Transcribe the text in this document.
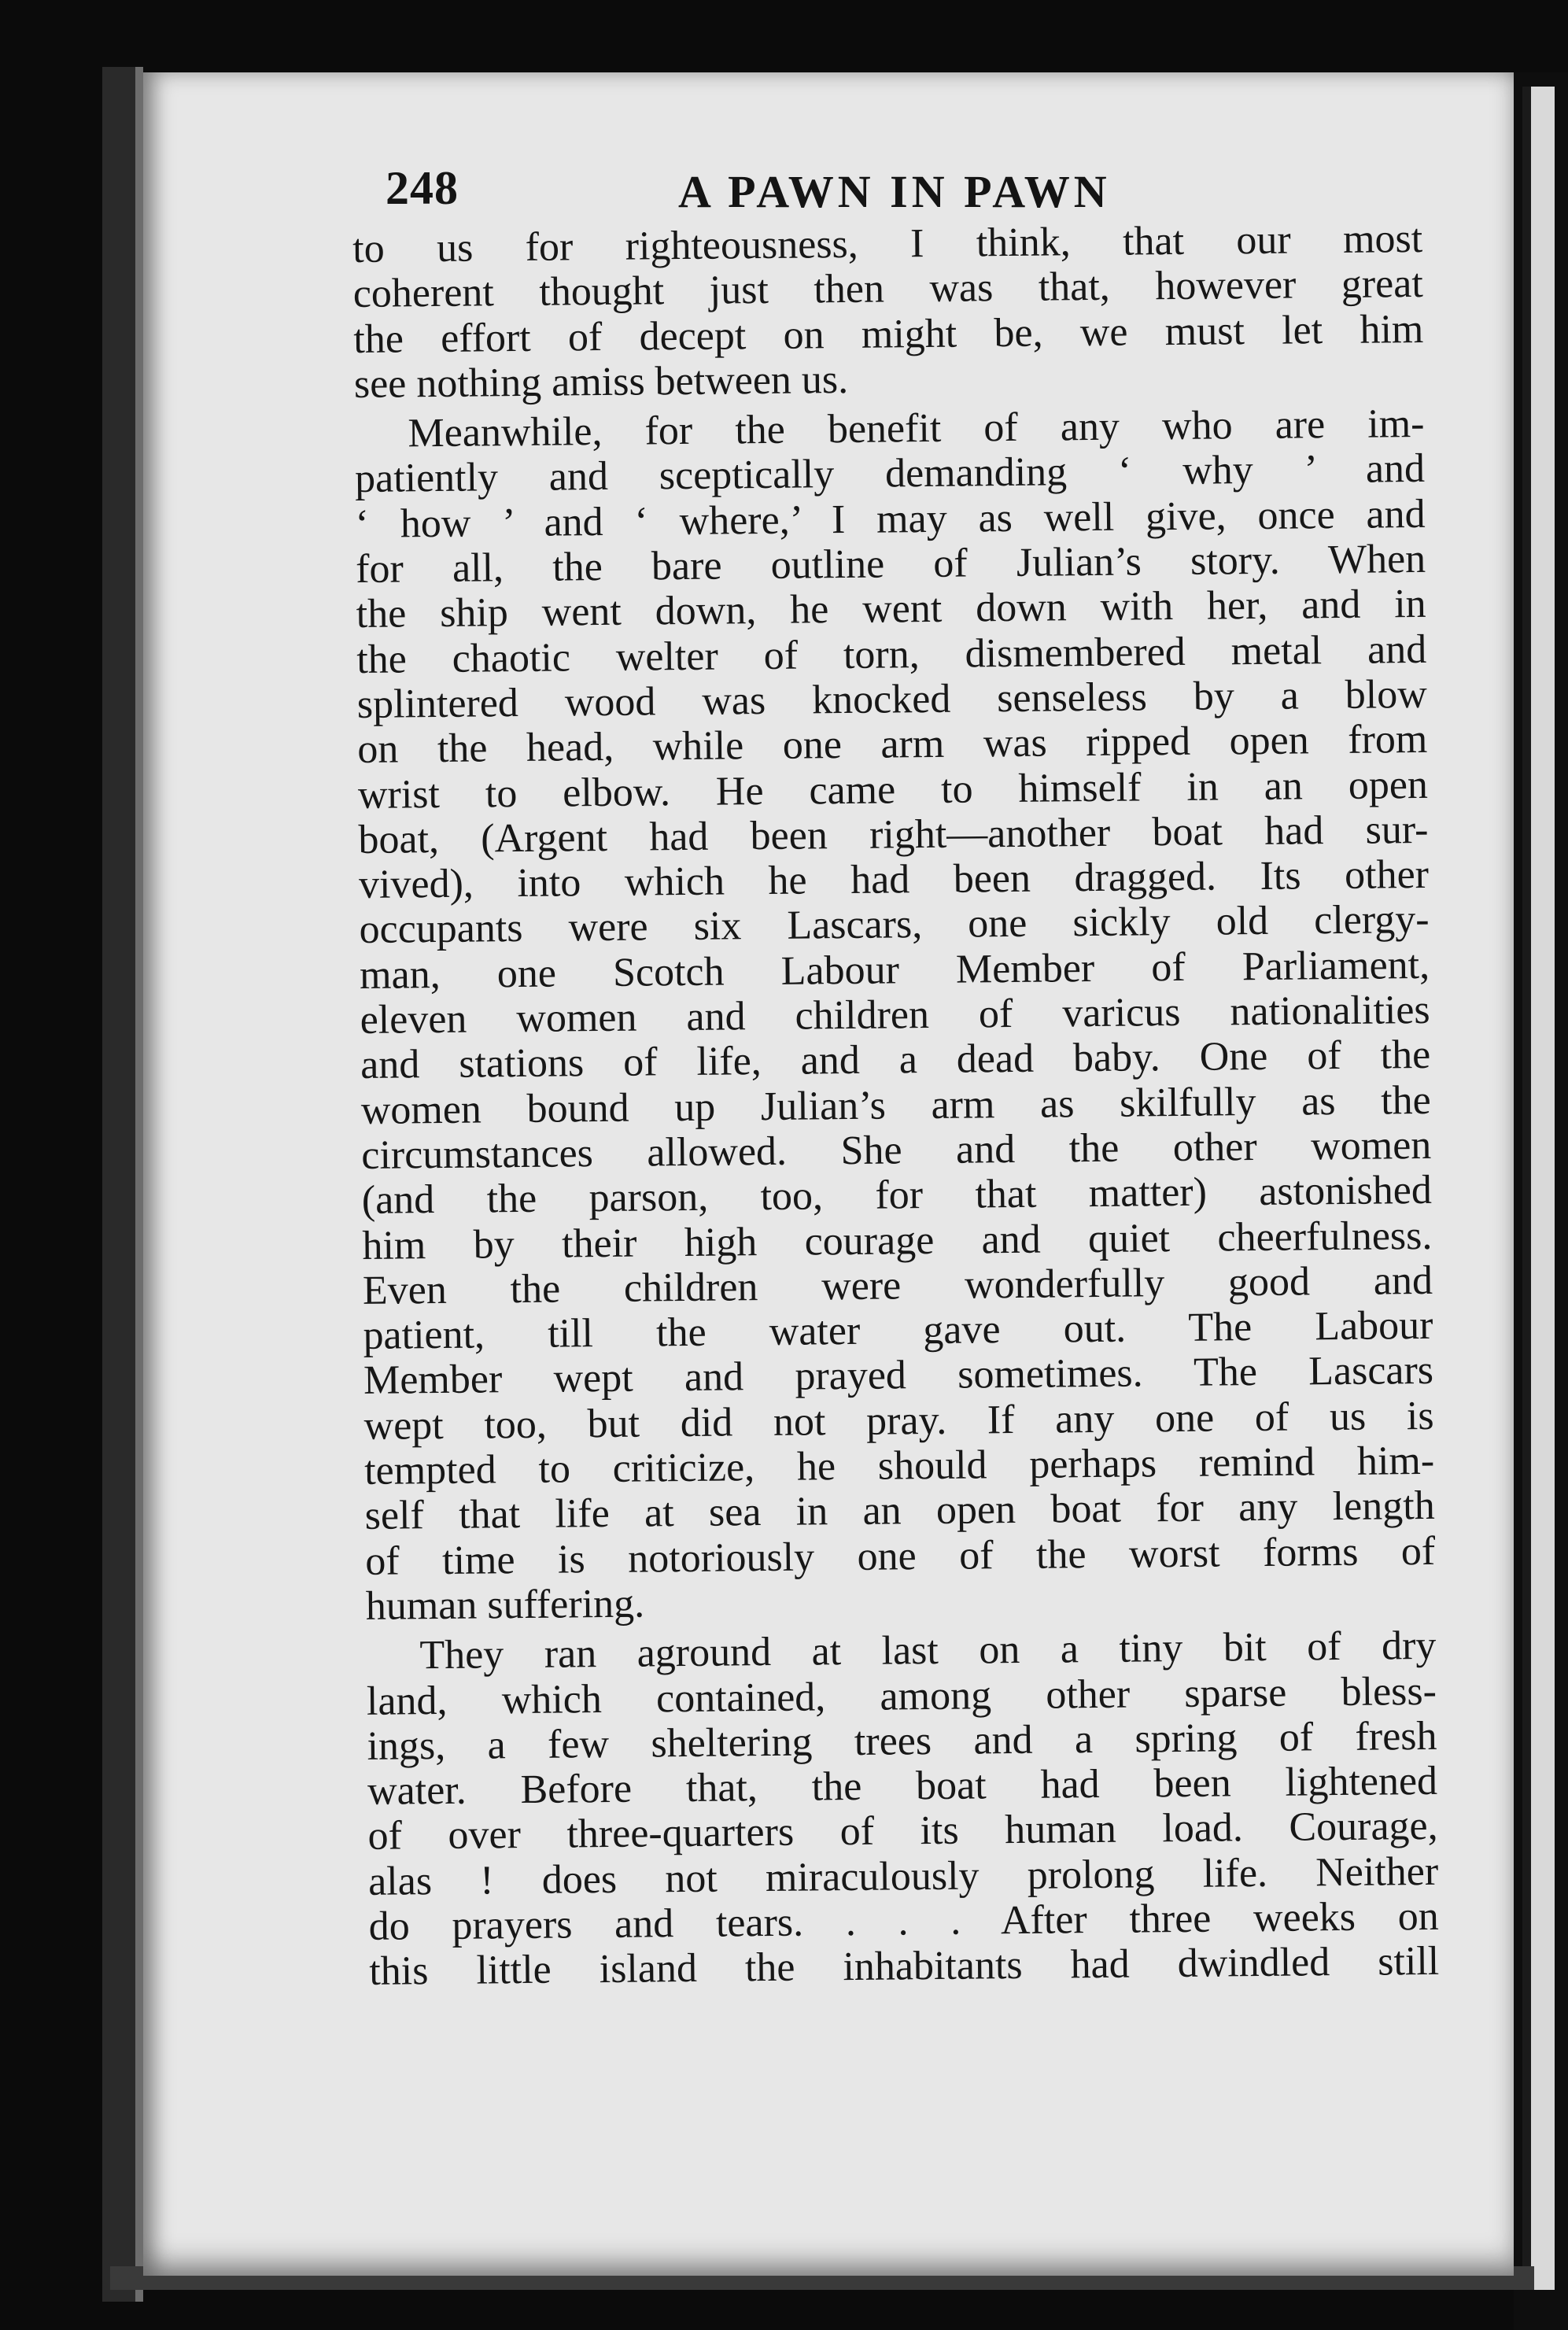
248	A PAWN IN PAWN
to us for righteousness, I think, that our most
coherent thought just then was that, however great
the effort of decept on might be, we must let him
see nothing amiss between us.
Meanwhile, for the benefit of any who are im-
patiently and sceptically demanding ‘ why ’ and
‘ how ’ and ‘ where,’ I may as well give, once and
for all, the bare outline of Julian’s story. When
the ship went down, he went down with her, and in
the chaotic welter of torn, dismembered metal and
splintered wood was knocked senseless by a blow
on the head, while one arm was ripped open from
wrist to elbow. He came to himself in an open
boat, (Argent had been right—another boat had sur-
vived), into which he had been dragged. Its other
occupants were six Lascars, one sickly old clergy-
man, one Scotch Labour Member of Parliament,
eleven women and children of varicus nationalities
and stations of life, and a dead baby. One of the
women bound up Julian’s arm as skilfully as the
circumstances allowed. She and the other women
(and the parson, too, for that matter) astonished
him by their high courage and quiet cheerfulness.
Even the children were wonderfully good and
patient, till the water gave out. The Labour
Member wept and prayed sometimes. The Lascars
wept too, but did not pray. If any one of us is
tempted to criticize, he should perhaps remind him-
self that life at sea in an open boat for any length
of time is notoriously one of the worst forms of
human suffering.
They ran aground at last on a tiny bit of dry
land, which contained, among other sparse bless-
ings, a few sheltering trees and a spring of fresh
water. Before that, the boat had been lightened
of over three-quarters of its human load. Courage,
alas ! does not miraculously prolong life. Neither
do prayers and tears. . . . After three weeks on
this little island the inhabitants had dwindled still
